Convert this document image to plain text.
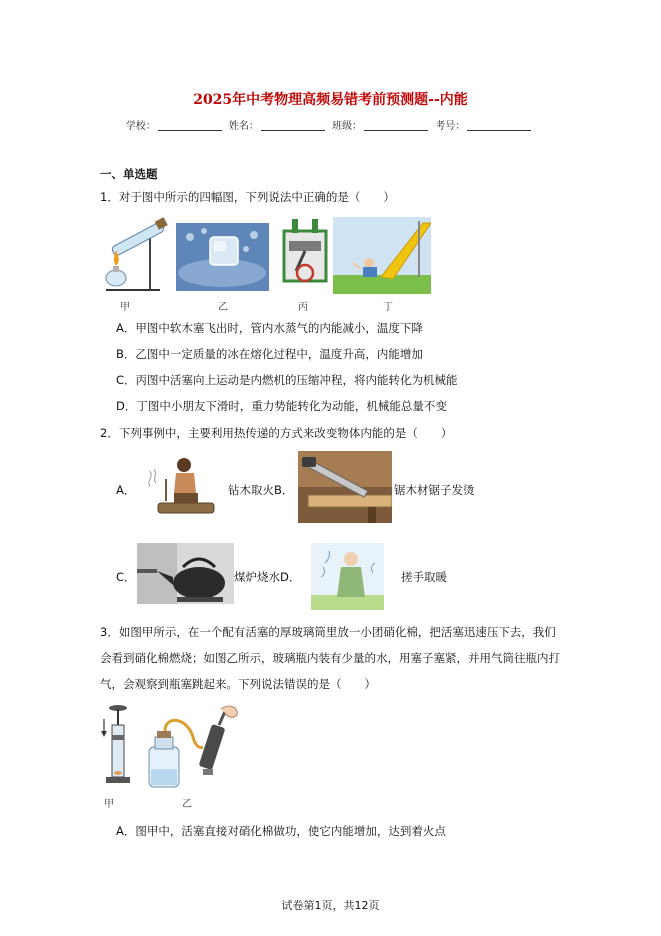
2025年中考物理高频易错考前预测题--内能
学校：	姓名：	班级：	考号：
一、单选题
1．对于图中所示的四幅图，下列说法中正确的是（　　）
甲	乙	丙	丁
A．甲图中软木塞飞出时，管内水蒸气的内能减小，温度下降
B．乙图中一定质量的冰在熔化过程中，温度升高，内能增加
C．丙图中活塞向上运动是内燃机的压缩冲程，将内能转化为机械能
D．丁图中小朋友下滑时，重力势能转化为动能，机械能总量不变
2．下列事例中，主要利用热传递的方式来改变物体内能的是（　　）
A．	钻木取火B．	锯木材锯子发烫
C．	煤炉烧水D．	搓手取暖
3．如图甲所示，在一个配有活塞的厚玻璃筒里放一小团硝化棉，把活塞迅速压下去，我们
会看到硝化棉燃烧；如图乙所示，玻璃瓶内装有少量的水，用塞子塞紧，并用气筒往瓶内打
气，会观察到瓶塞跳起来。下列说法错误的是（　　）
甲	乙
A．图甲中，活塞直接对硝化棉做功，使它内能增加，达到着火点
试卷第1页，共12页
